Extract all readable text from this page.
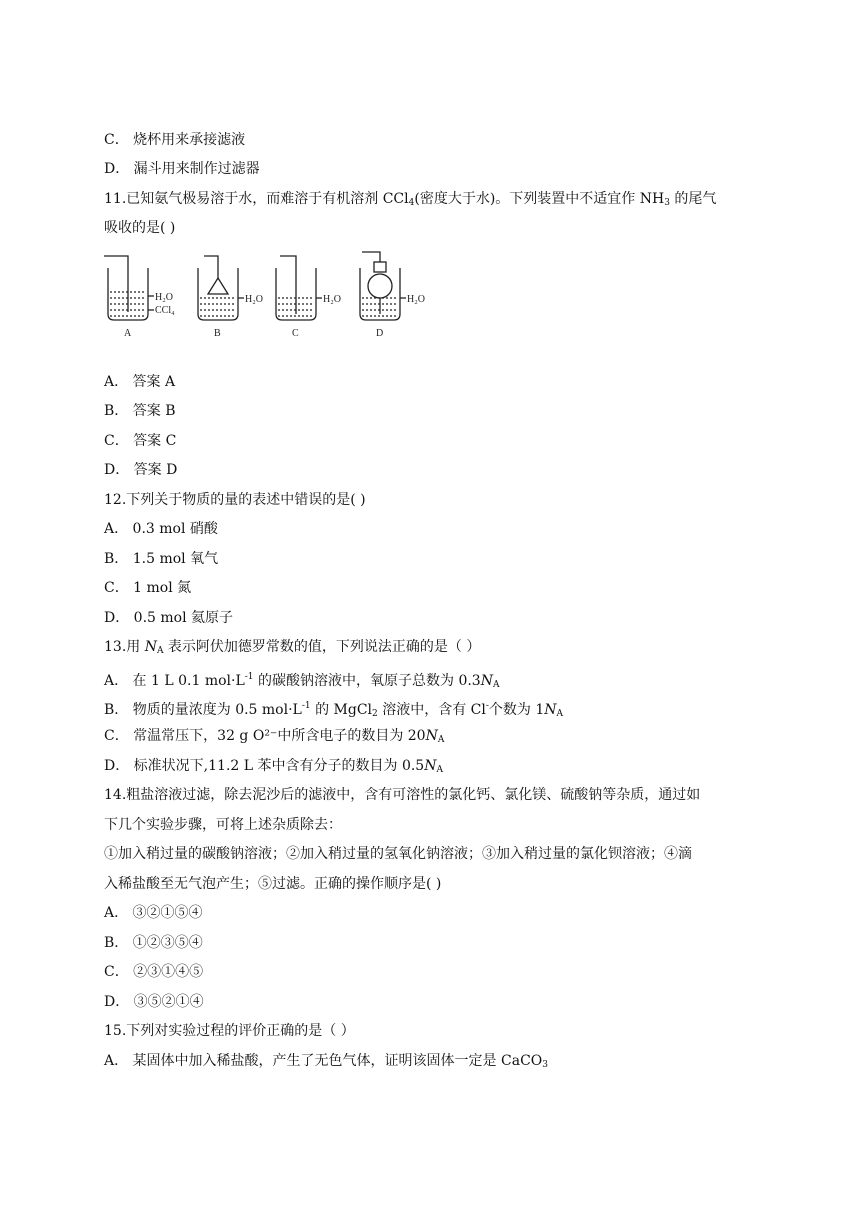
C． 烧杯用来承接滤液
D． 漏斗用来制作过滤器
11.已知氨气极易溶于水，而难溶于有机溶剂 CCl$_4$(密度大于水)。下列装置中不适宜作 $NH_3$ 的尾气
吸收的是( )
H₂O
CCl₄
H₂O	H₂O	H₂O
A	B	C	D
A． 答案 A
B． 答案 B
C． 答案 C
D． 答案 D
12.下列关于物质的量的表述中错误的是( )
A． 0.3 mol 硝酸
B． 1.5 mol 氧气
C． 1 mol 氮
D． 0.5 mol 氦原子
13.用 $N_A$ 表示阿伏加德罗常数的值，下列说法正确的是（ ）
A． 在 1 L 0.1 $mol\cdot L^{-1}$ 的碳酸钠溶液中，氧原子总数为 $0.3N_A$
B． 物质的量浓度为 0.5 $mol\cdot L^{-1}$ 的 MgCl$_2$ 溶液中，含有 Cl-个数为 $1N_A$
C． 常温常压下，32 g O²⁻中所含电子的数目为 $20N_A$
D． 标准状况下,11.2 L 苯中含有分子的数目为 $0.5N_A$
14.粗盐溶液过滤，除去泥沙后的滤液中，含有可溶性的氯化钙、氯化镁、硫酸钠等杂质，通过如
下几个实验步骤，可将上述杂质除去：
①加入稍过量的碳酸钠溶液；②加入稍过量的氢氧化钠溶液；③加入稍过量的氯化钡溶液；④滴
入稀盐酸至无气泡产生；⑤过滤。正确的操作顺序是( )
A． ③②①⑤④
B． ①②③⑤④
C． ②③①④⑤
D． ③⑤②①④
15.下列对实验过程的评价正确的是（ ）
A． 某固体中加入稀盐酸，产生了无色气体，证明该固体一定是 CaCO$_3$
